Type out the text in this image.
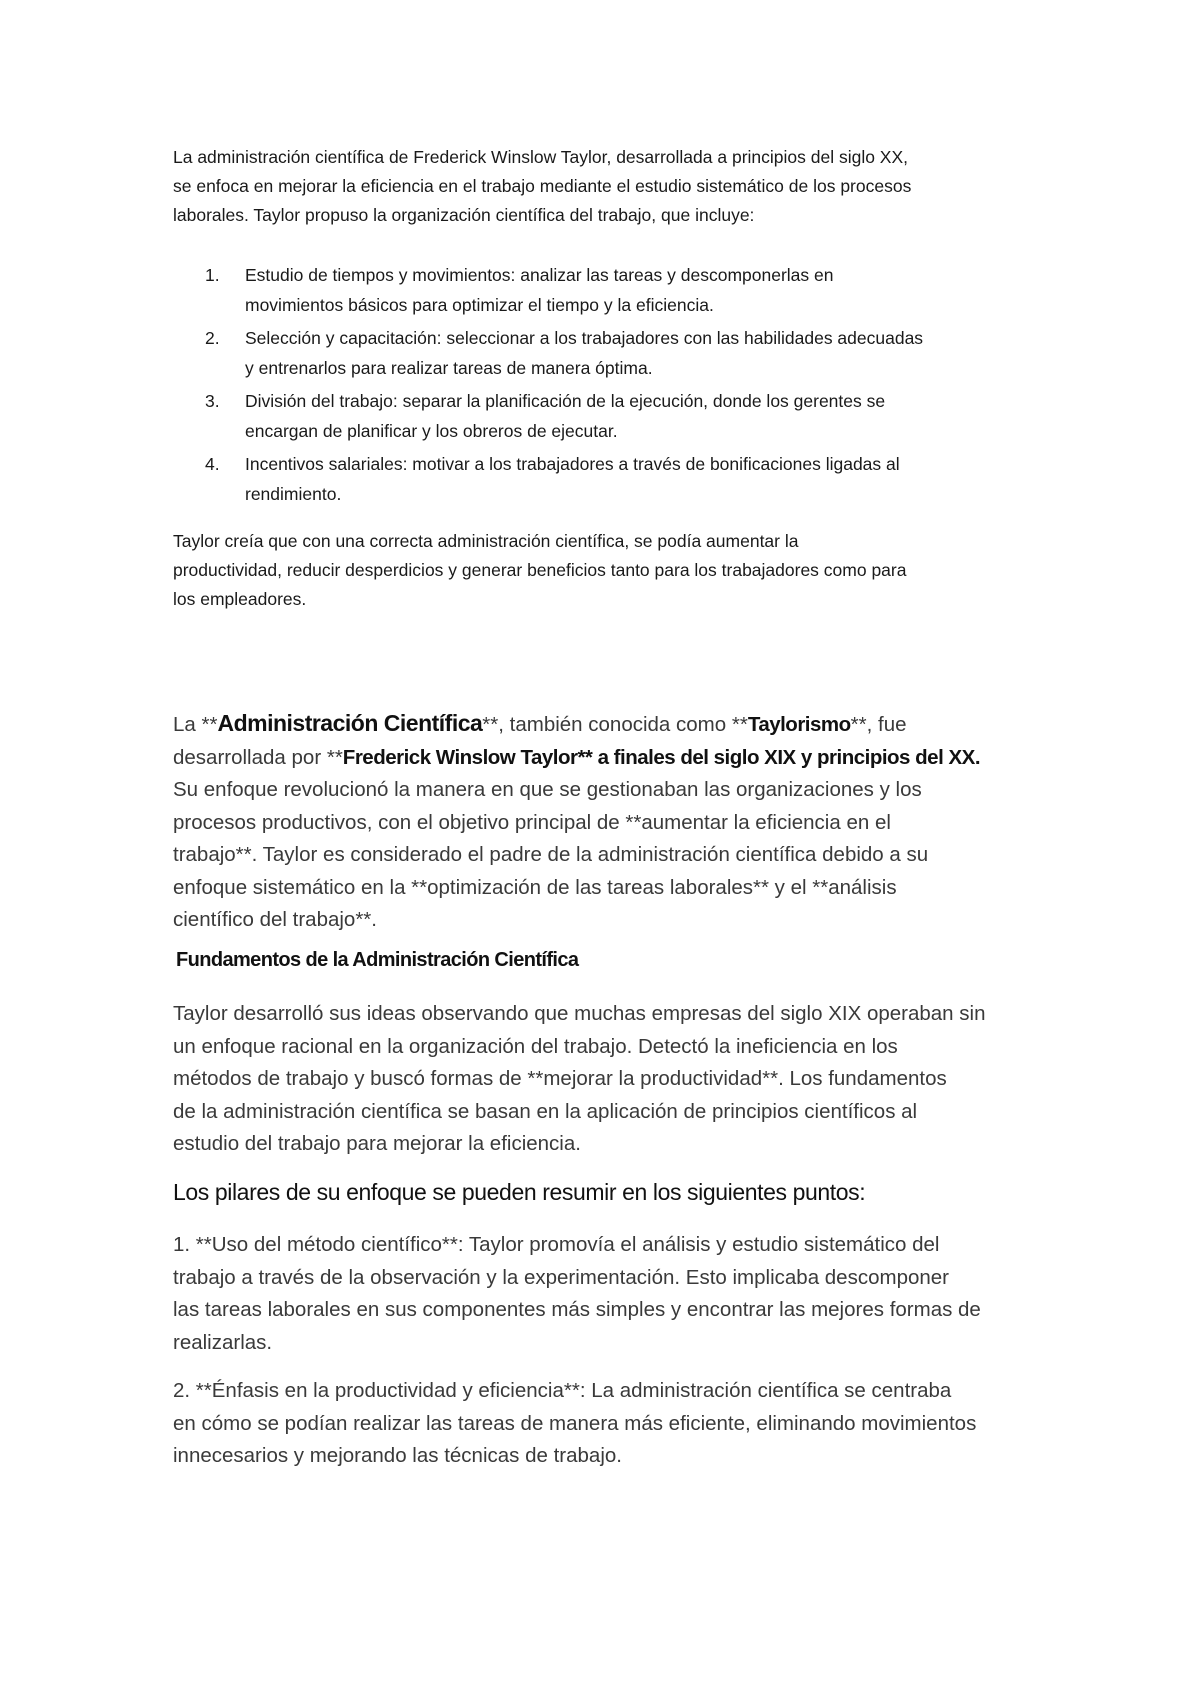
La administración científica de Frederick Winslow Taylor, desarrollada a principios del siglo XX,
se enfoca en mejorar la eficiencia en el trabajo mediante el estudio sistemático de los procesos
laborales. Taylor propuso la organización científica del trabajo, que incluye:

1. Estudio de tiempos y movimientos: analizar las tareas y descomponerlas en
movimientos básicos para optimizar el tiempo y la eficiencia.
2. Selección y capacitación: seleccionar a los trabajadores con las habilidades adecuadas
y entrenarlos para realizar tareas de manera óptima.
3. División del trabajo: separar la planificación de la ejecución, donde los gerentes se
encargan de planificar y los obreros de ejecutar.
4. Incentivos salariales: motivar a los trabajadores a través de bonificaciones ligadas al
rendimiento.

Taylor creía que con una correcta administración científica, se podía aumentar la
productividad, reducir desperdicios y generar beneficios tanto para los trabajadores como para
los empleadores.

La **Administración Científica**, también conocida como **Taylorismo**, fue
desarrollada por **Frederick Winslow Taylor** a finales del siglo XIX y principios del XX.
Su enfoque revolucionó la manera en que se gestionaban las organizaciones y los
procesos productivos, con el objetivo principal de **aumentar la eficiencia en el
trabajo**. Taylor es considerado el padre de la administración científica debido a su
enfoque sistemático en la **optimización de las tareas laborales** y el **análisis
científico del trabajo**.

Fundamentos de la Administración Científica

Taylor desarrolló sus ideas observando que muchas empresas del siglo XIX operaban sin
un enfoque racional en la organización del trabajo. Detectó la ineficiencia en los
métodos de trabajo y buscó formas de **mejorar la productividad**. Los fundamentos
de la administración científica se basan en la aplicación de principios científicos al
estudio del trabajo para mejorar la eficiencia.

Los pilares de su enfoque se pueden resumir en los siguientes puntos:

1. **Uso del método científico**: Taylor promovía el análisis y estudio sistemático del
trabajo a través de la observación y la experimentación. Esto implicaba descomponer
las tareas laborales en sus componentes más simples y encontrar las mejores formas de
realizarlas.

2. **Énfasis en la productividad y eficiencia**: La administración científica se centraba
en cómo se podían realizar las tareas de manera más eficiente, eliminando movimientos
innecesarios y mejorando las técnicas de trabajo.
